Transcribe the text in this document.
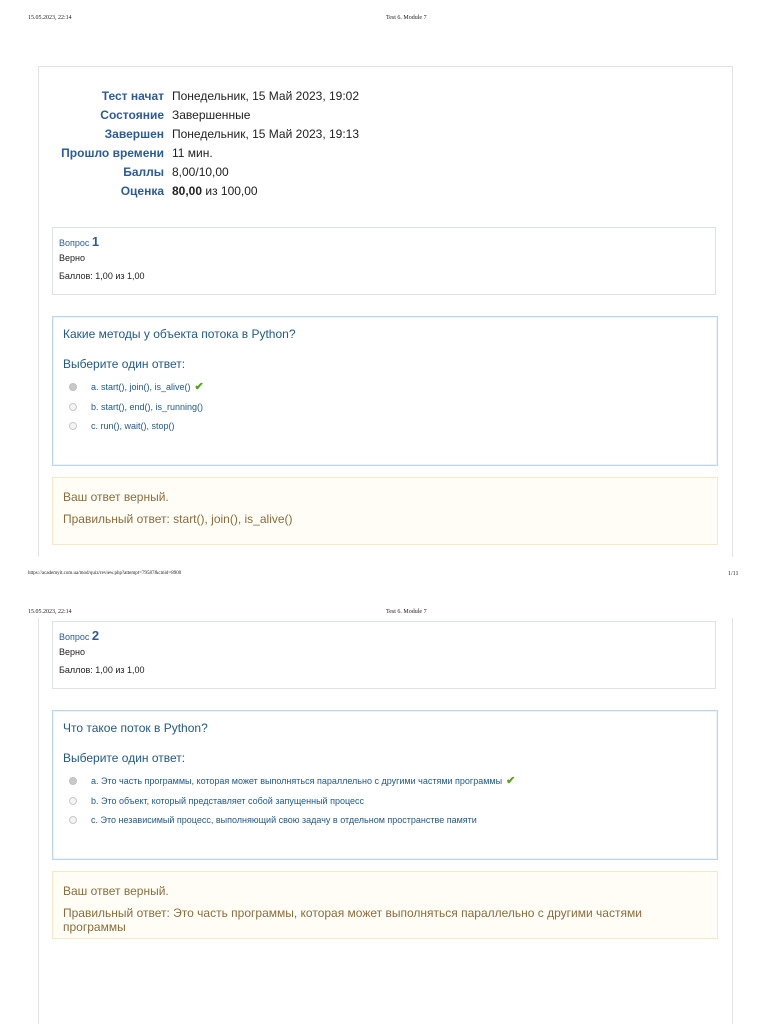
15.05.2023, 22:14	Test 6. Module 7
Тест начат Понедельник, 15 Май 2023, 19:02
Состояние Завершенные
Завершен Понедельник, 15 Май 2023, 19:13
Прошло времени 11 мин.
Баллы 8,00/10,00
Оценка 80,00 из 100,00
Вопрос 1
Верно
Баллов: 1,00 из 1,00
Какие методы у объекта потока в Python?
Выберите один ответ:
a. start(), join(), is_alive() ✔
b. start(), end(), is_running()
c. run(), wait(), stop()
Ваш ответ верный.
Правильный ответ: start(), join(), is_alive()
https://academyit.com.ua/mod/quiz/review.php?attempt=79587&cmid=8900	1/11
15.05.2023, 22:14	Test 6. Module 7
Вопрос 2
Верно
Баллов: 1,00 из 1,00
Что такое поток в Python?
Выберите один ответ:
a. Это часть программы, которая может выполняться параллельно с другими частями программы ✔
b. Это объект, который представляет собой запущенный процесс
c. Это независимый процесс, выполняющий свою задачу в отдельном пространстве памяти
Ваш ответ верный.
Правильный ответ: Это часть программы, которая может выполняться параллельно с другими частями программы
